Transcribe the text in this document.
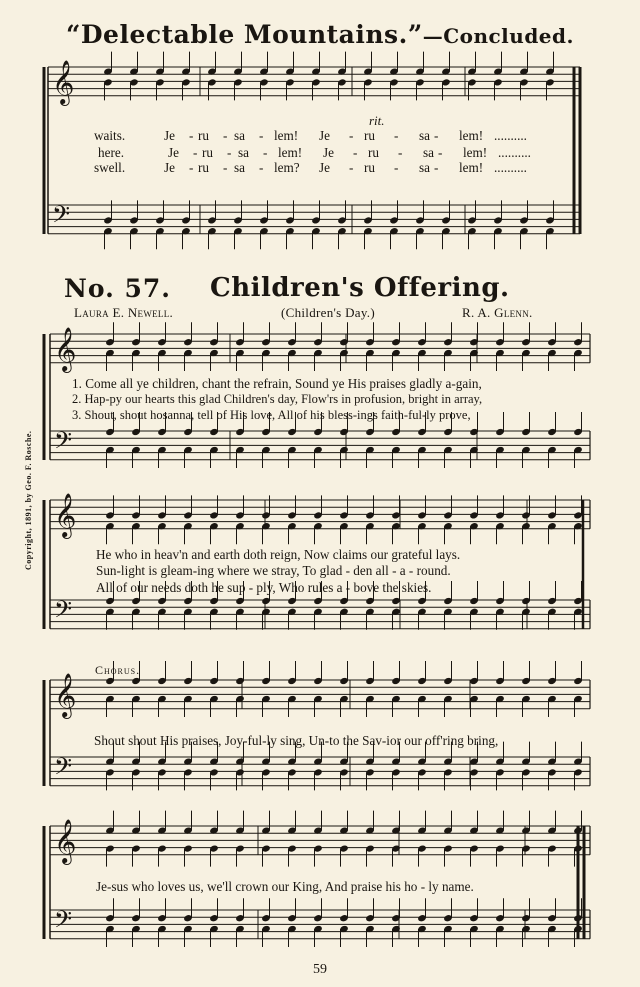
𝄞
𝄢
𝄞
𝄢
𝄞
𝄢
𝄞
𝄢
𝄞
𝄢
“Delectable Mountains.”—Concluded.
waits.	Je - ru - sa - lem! Je - ru - sa - lem! ..........
here.	Je - ru - sa - lem! Je - ru - sa - lem! ..........
swell.	Je - ru - sa - lem? Je - ru - sa - lem! ..........
rit.
No. 57. Children's Offering.
Laura E. Newell.	(Children's Day.)	R. A. Glenn.
1. Come all ye children, chant the refrain, Sound ye His praises gladly a-gain,
2. Hap-py our hearts this glad Children's day, Flow'rs in profusion, bright in array,
3. Shout, shout hosanna, tell of His love, All of his bless-ings faith-ful-ly prove,
He who in heav'n and earth doth reign, Now claims our grateful lays.
Sun-light is gleam-ing where we stray, To glad - den all - a - round.
All of our needs doth he sup - ply, Who rules a - bove the skies.
Chorus.
Shout shout His praises, Joy-ful-ly sing, Un-to the Sav-ior our off'ring bring,
Je-sus who loves us, we'll crown our King, And praise his ho - ly name.
Copyright, 1891, by Geo. F. Rosche.
59
